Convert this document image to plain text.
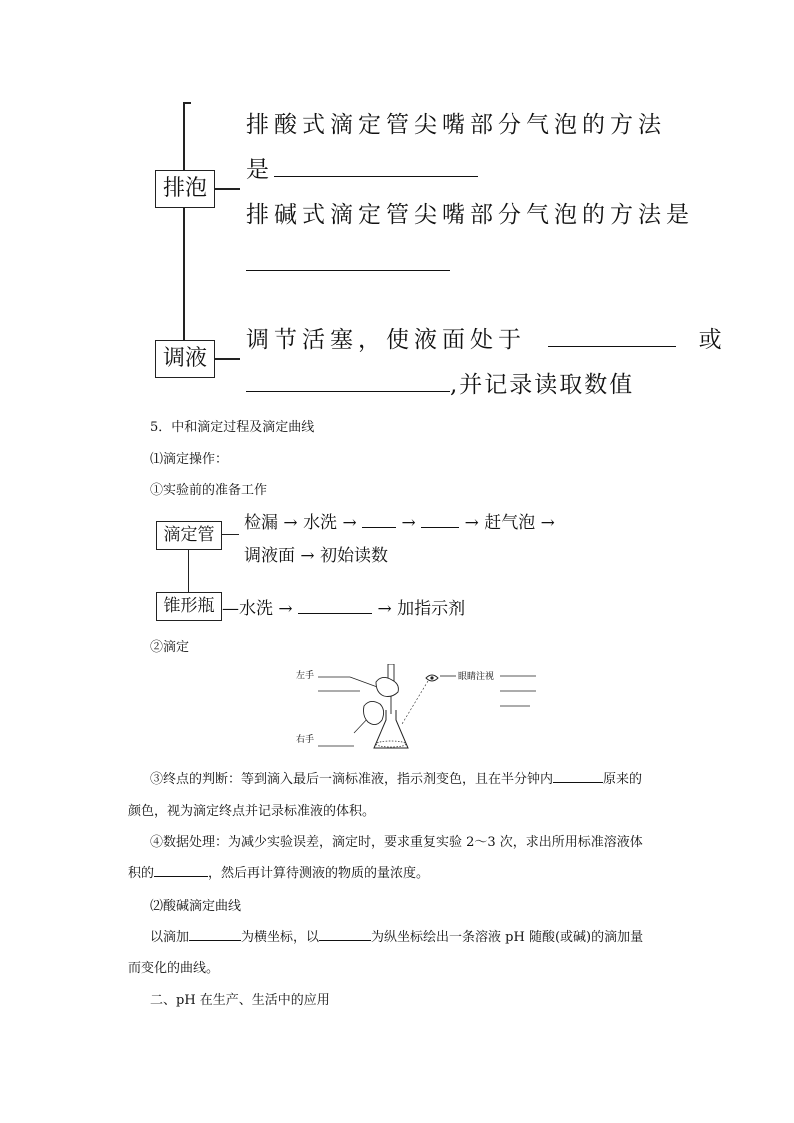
排泡
排酸式滴定管尖嘴部分气泡的方法
是
排碱式滴定管尖嘴部分气泡的方法是
调液
调节活塞，使液面处于	或
,并记录读取数值
5．中和滴定过程及滴定曲线
⑴滴定操作：
①实验前的准备工作
滴定管
检漏 → 水洗 →	→	→ 赶气泡 →
调液面 → 初始读数
锥形瓶 —水洗 →	→ 加指示剂
②滴定
左手
右手
眼睛注视
③终点的判断：等到滴入最后一滴标准液，指示剂变色，且在半分钟内	原来的
颜色，视为滴定终点并记录标准液的体积。
④数据处理：为减少实验误差，滴定时，要求重复实验 2～3 次，求出所用标准溶液体
积的	，然后再计算待测液的物质的量浓度。
⑵酸碱滴定曲线
以滴加	为横坐标，以	为纵坐标绘出一条溶液 pH 随酸(或碱)的滴加量
而变化的曲线。
二、pH 在生产、生活中的应用
